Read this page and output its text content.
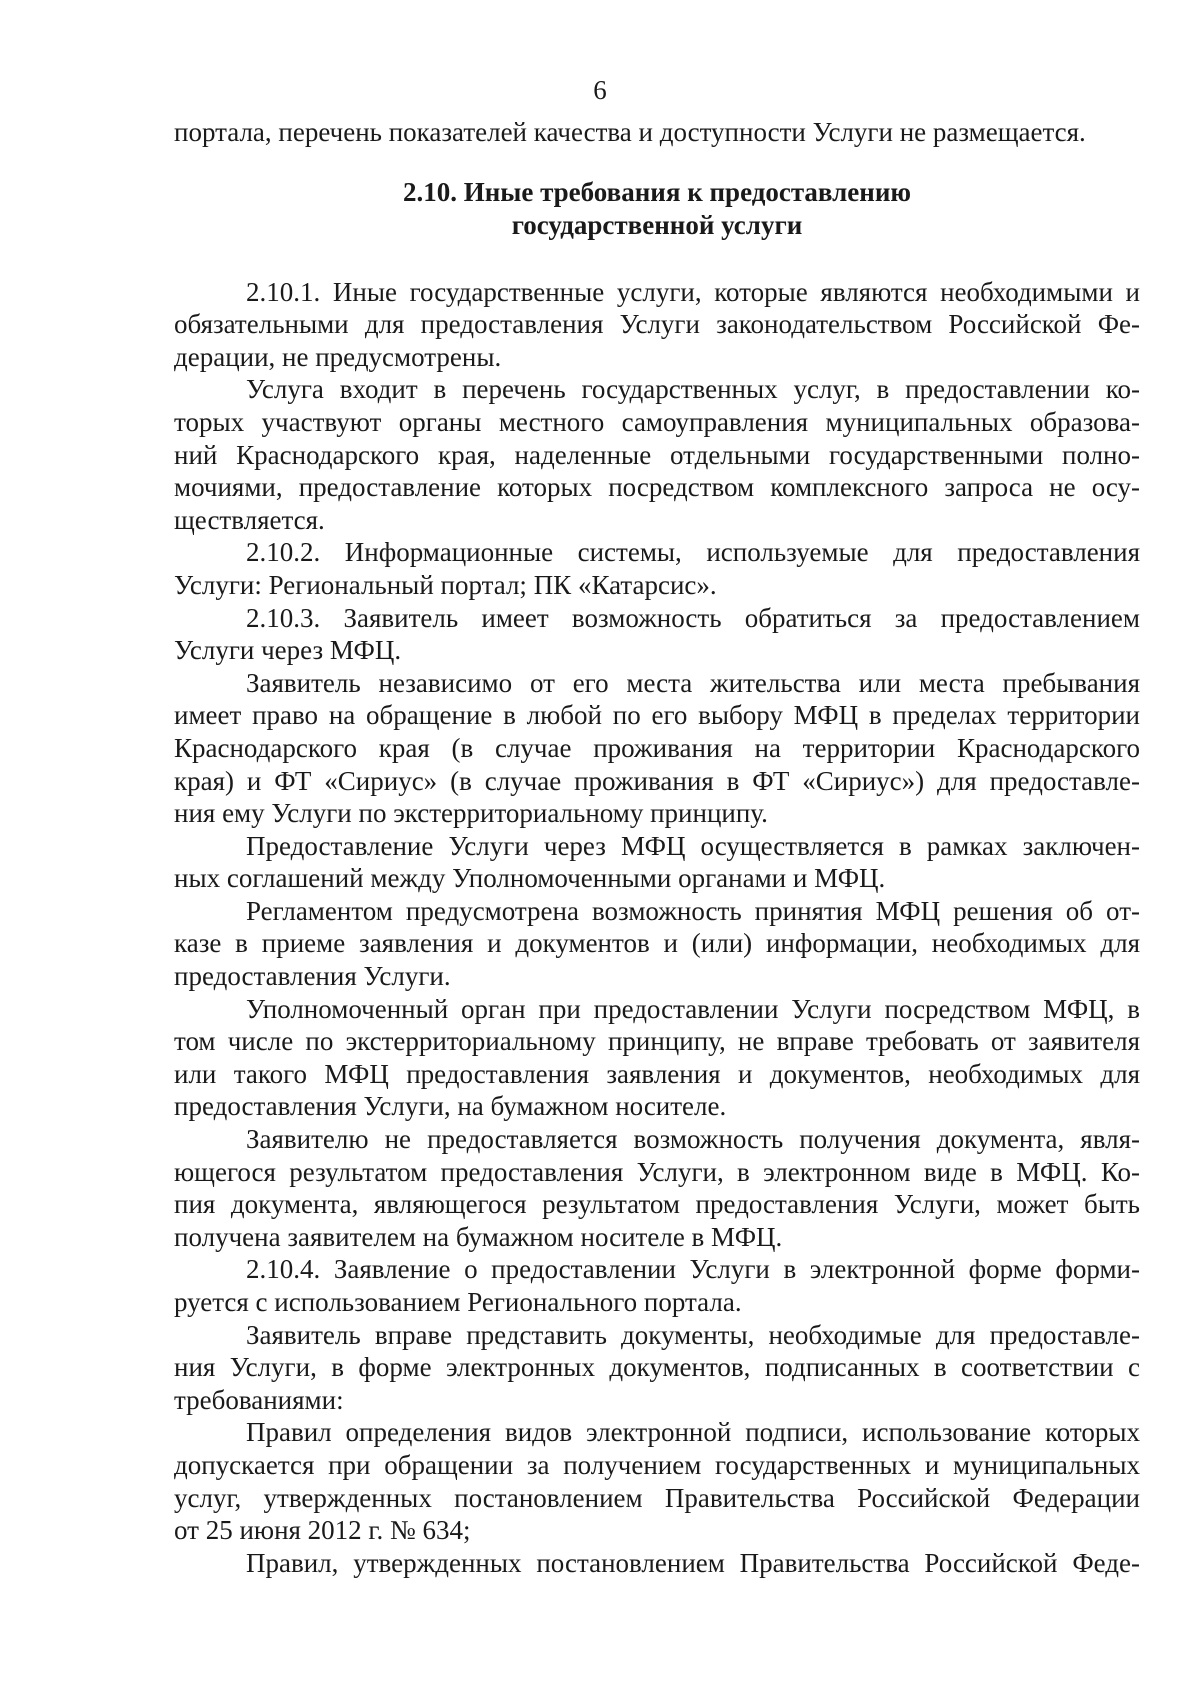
6
портала, перечень показателей качества и доступности Услуги не размещается.
2.10. Иные требования к предоставлению
государственной услуги
2.10.1. Иные государственные услуги, которые являются необходимыми и
обязательными для предоставления Услуги законодательством Российской Фе-
дерации, не предусмотрены.
Услуга входит в перечень государственных услуг, в предоставлении ко-
торых участвуют органы местного самоуправления муниципальных образова-
ний Краснодарского края, наделенные отдельными государственными полно-
мочиями, предоставление которых посредством комплексного запроса не осу-
ществляется.
2.10.2. Информационные системы, используемые для предоставления
Услуги: Региональный портал; ПК «Катарсис».
2.10.3. Заявитель имеет возможность обратиться за предоставлением
Услуги через МФЦ.
Заявитель независимо от его места жительства или места пребывания
имеет право на обращение в любой по его выбору МФЦ в пределах территории
Краснодарского края (в случае проживания на территории Краснодарского
края) и ФТ «Сириус» (в случае проживания в ФТ «Сириус») для предоставле-
ния ему Услуги по экстерриториальному принципу.
Предоставление Услуги через МФЦ осуществляется в рамках заключен-
ных соглашений между Уполномоченными органами и МФЦ.
Регламентом предусмотрена возможность принятия МФЦ решения об от-
казе в приеме заявления и документов и (или) информации, необходимых для
предоставления Услуги.
Уполномоченный орган при предоставлении Услуги посредством МФЦ, в
том числе по экстерриториальному принципу, не вправе требовать от заявителя
или такого МФЦ предоставления заявления и документов, необходимых для
предоставления Услуги, на бумажном носителе.
Заявителю не предоставляется возможность получения документа, явля-
ющегося результатом предоставления Услуги, в электронном виде в МФЦ. Ко-
пия документа, являющегося результатом предоставления Услуги, может быть
получена заявителем на бумажном носителе в МФЦ.
2.10.4. Заявление о предоставлении Услуги в электронной форме форми-
руется с использованием Регионального портала.
Заявитель вправе представить документы, необходимые для предоставле-
ния Услуги, в форме электронных документов, подписанных в соответствии с
требованиями:
Правил определения видов электронной подписи, использование которых
допускается при обращении за получением государственных и муниципальных
услуг, утвержденных постановлением Правительства Российской Федерации
от 25 июня 2012 г. № 634;
Правил, утвержденных постановлением Правительства Российской Феде-
